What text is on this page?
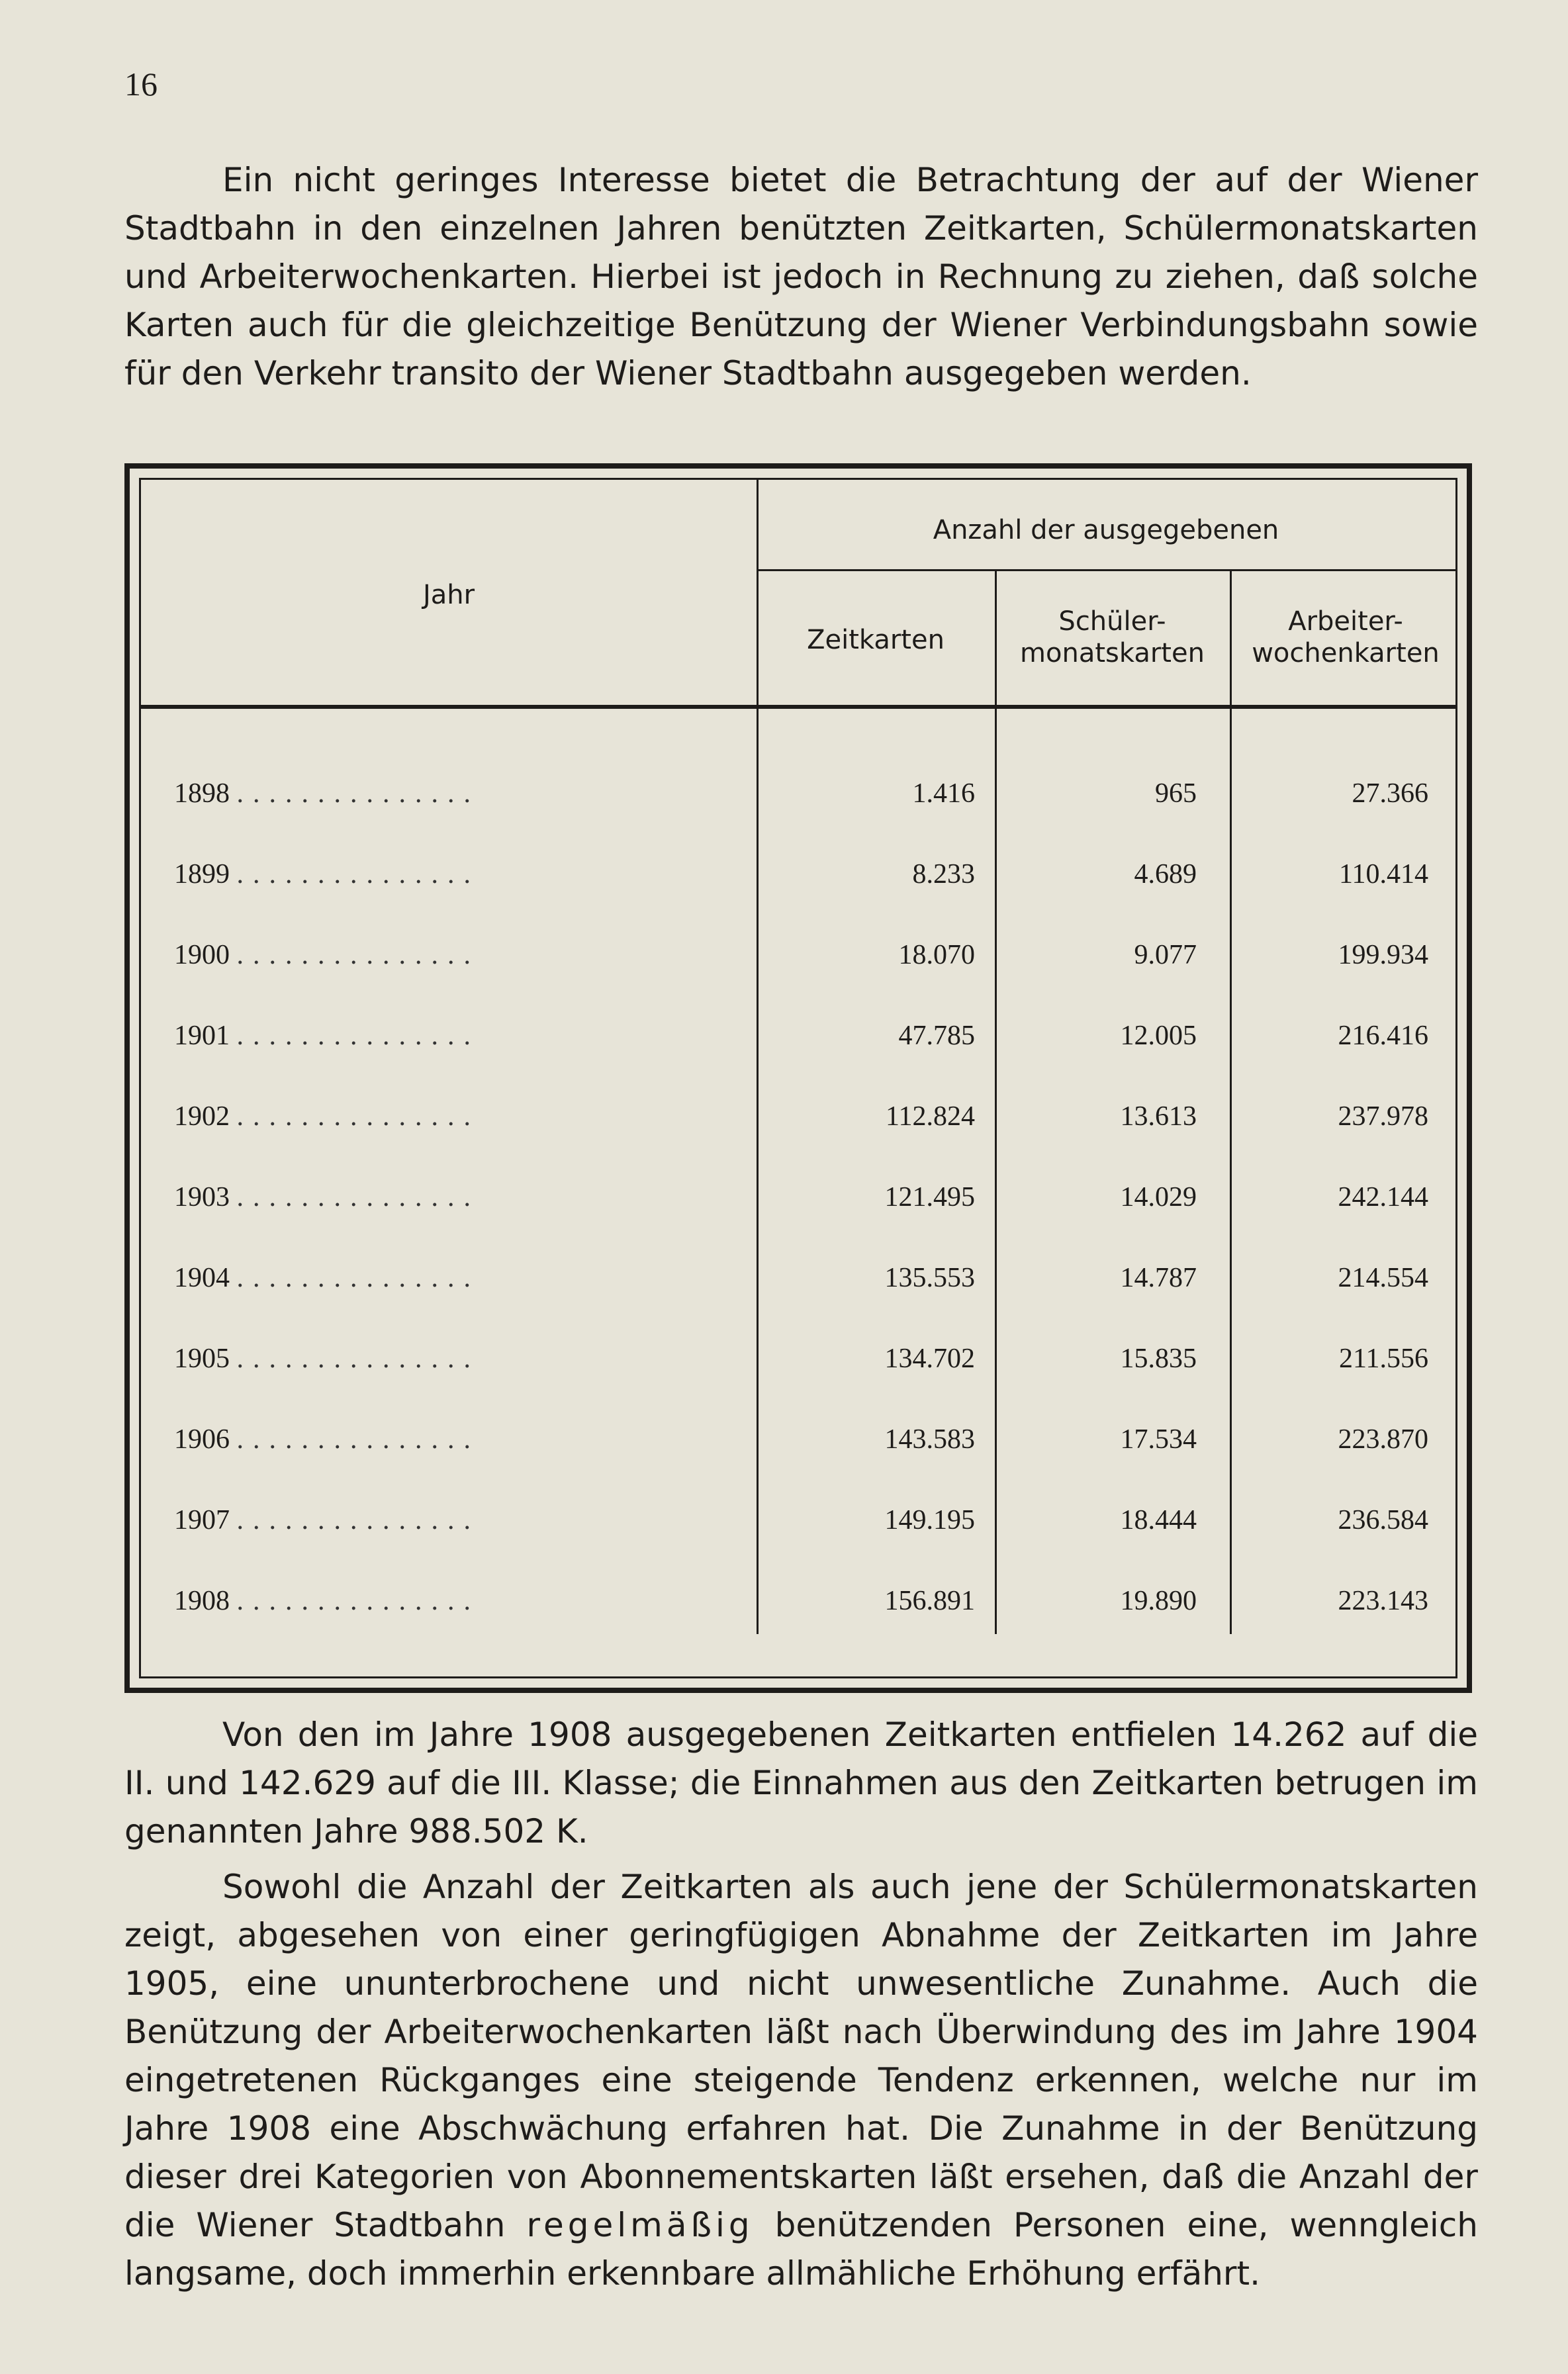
16

Ein nicht geringes Interesse bietet die Betrachtung der auf der Wiener Stadtbahn in den einzelnen Jahren benützten Zeitkarten, Schülermonatskarten und Arbeiterwochenkarten. Hierbei ist jedoch in Rechnung zu ziehen, daß solche Karten auch für die gleichzeitige Benützung der Wiener Verbindungsbahn sowie für den Verkehr transito der Wiener Stadtbahn ausgegeben werden.

Jahr
Anzahl der ausgegebenen
Zeitkarten
Schüler-
monatskarten
Arbeiter-
wochenkarten
1898 ...............	1.416	965	27.366
1899 ...............	8.233	4.689	110.414
1900 ...............	18.070	9.077	199.934
1901 ...............	47.785	12.005	216.416
1902 ...............	112.824	13.613	237.978
1903 ...............	121.495	14.029	242.144
1904 ...............	135.553	14.787	214.554
1905 ...............	134.702	15.835	211.556
1906 ...............	143.583	17.534	223.870
1907 ...............	149.195	18.444	236.584
1908 ...............	156.891	19.890	223.143

Von den im Jahre 1908 ausgegebenen Zeitkarten entfielen 14.262 auf die II. und 142.629 auf die III. Klasse; die Einnahmen aus den Zeitkarten betrugen im genannten Jahre 988.502 K.

Sowohl die Anzahl der Zeitkarten als auch jene der Schülermonatskarten zeigt, abgesehen von einer geringfügigen Abnahme der Zeitkarten im Jahre 1905, eine ununterbrochene und nicht unwesentliche Zunahme. Auch die Benützung der Arbeiterwochenkarten läßt nach Überwindung des im Jahre 1904 eingetretenen Rückganges eine steigende Tendenz erkennen, welche nur im Jahre 1908 eine Abschwächung erfahren hat. Die Zunahme in der Benützung dieser drei Kategorien von Abonnementskarten läßt ersehen, daß die Anzahl der die Wiener Stadtbahn regelmäßig benützenden Personen eine, wenngleich langsame, doch immerhin erkennbare allmähliche Erhöhung erfährt.
